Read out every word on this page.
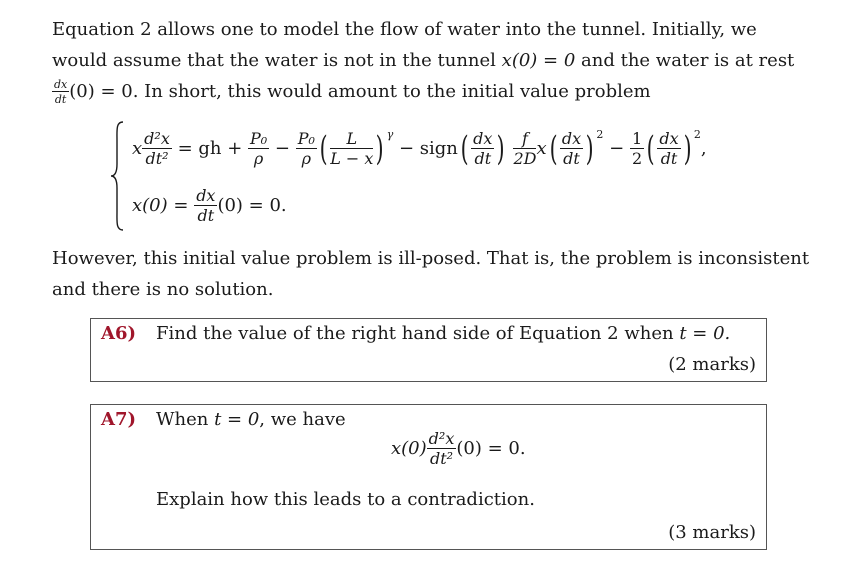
Equation 2 allows one to model the flow of water into the tunnel. Initially, we would assume that the water is not in the tunnel x(0) = 0 and the water is at rest
$\frac{dx}{dt} (0) = 0$. In short, this would amount to the initial value problem
x $\frac{\text{d²x}}{\text{dt²}}$ = gh + $\frac{\text{P₀}}{\rho} - \frac{\text{P₀}}{\rho}$ ( $\frac{L}{L - x}$ ) $^\gamma$ − sign( $\frac{dx}{dt}$ ) $\frac{f}{2D} x( \frac{dx}{dt}$ ) $^2 - \frac{1}{2}$ ( $\frac{dx}{dt}$ ) $^2$,
$x(0) = \frac{dx}{dt} (0) = 0$.
However, this initial value problem is ill-posed. That is, the problem is inconsistent and there is no solution.
A6) Find the value of the right hand side of Equation 2 when t = 0.
(2 marks)
A7) When t = 0, we have
$x(0) \frac{\text{d²x}}{\text{dt²}} (0) = 0$.
Explain how this leads to a contradiction.
(3 marks)
